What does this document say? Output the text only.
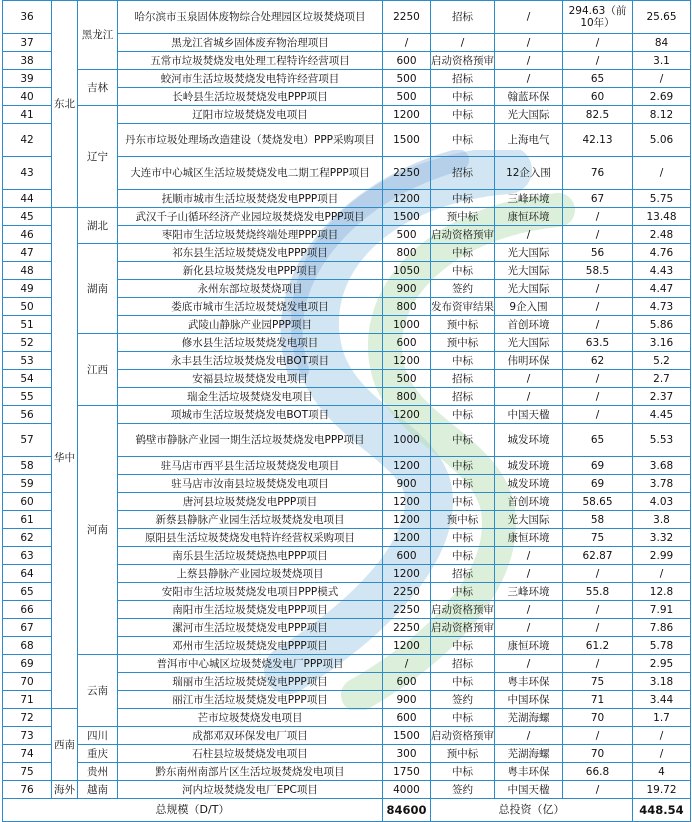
36	东北	黑龙江	哈尔滨市玉泉固体废物综合处理园区垃圾焚烧项目	2250	招标	/	294.63（前10年）	25.65
37			黑龙江省城乡固体废弃物治理项目	/	/	/	/	84
38			五常市垃圾焚烧发电处理工程特许经营项目	600	启动资格预审	/	/	3.1
39		吉林	蛟河市生活垃圾焚烧发电特许经营项目	500	招标	/	65	/
40			长岭县生活垃圾焚烧发电PPP项目	500	中标	翰蓝环保	60	2.69
41		辽宁	辽阳市垃圾焚烧发电项目	1200	中标	光大国际	82.5	8.12
42			丹东市垃圾处理场改造建设（焚烧发电）PPP采购项目	1500	中标	上海电气	42.13	5.06
43			大连市中心城区生活垃圾焚烧发电二期工程PPP项目	2250	招标	12企入围	76	/
44			抚顺市城市生活垃圾焚烧发电PPP项目	1200	中标	三峰环境	67	5.75
45	华中	湖北	武汉千子山循环经济产业园垃圾焚烧发电PPP项目	1500	预中标	康恒环境	/	13.48
46			枣阳市生活垃圾焚烧终端处理PPP项目	500	启动资格预审	/	/	2.48
47		湖南	祁东县生活垃圾焚烧发电PPP项目	800	中标	光大国际	56	4.76
48			新化县垃圾焚烧发电PPP项目	1050	中标	光大国际	58.5	4.43
49			永州东部垃圾焚烧项目	900	签约	光大国际	/	4.47
50			娄底市城市生活垃圾焚烧发电项目	800	发布资审结果	9企入围	/	4.73
51			武陵山静脉产业园PPP项目	1000	预中标	首创环境	/	5.86
52		江西	修水县生活垃圾焚烧发电项目	600	预中标	光大国际	63.5	3.16
53			永丰县生活垃圾焚烧发电BOT项目	1200	中标	伟明环保	62	5.2
54			安福县垃圾焚烧发电项目	500	招标	/	/	2.7
55			瑞金生活垃圾焚烧发电项目	800	招标	/	/	2.37
56		河南	项城市生活垃圾焚烧发电BOT项目	1200	中标	中国天楹	/	4.45
57			鹤壁市静脉产业园一期生活垃圾焚烧发电PPP项目	1000	中标	城发环境	65	5.53
58			驻马店市西平县生活垃圾焚烧发电项目	1200	中标	城发环境	69	3.68
59			驻马店市汝南县垃圾焚烧发电项目	900	中标	城发环境	69	3.78
60			唐河县垃圾焚烧发电PPP项目	1200	中标	首创环境	58.65	4.03
61			新蔡县静脉产业园生活垃圾焚烧发电项目	1200	预中标	光大国际	58	3.8
62			原阳县生活垃圾焚烧发电特许经营权采购项目	1200	中标	康恒环境	75	3.32
63			南乐县生活垃圾焚烧热电PPP项目	600	中标	/	62.87	2.99
64			上蔡县静脉产业园垃圾焚烧项目	1200	招标	/	/	/
65			安阳市生活垃圾焚烧发电项目PPP模式	2250	中标	三峰环境	55.8	12.8
66			南阳市生活垃圾焚烧发电PPP项目	2250	启动资格预审	/	/	7.91
67			漯河市生活垃圾焚烧发电PPP项目	2250	启动资格预审	/	/	7.86
68			邓州市生活垃圾焚烧发电PPP项目	1200	中标	康恒环境	61.2	5.78
69		云南	普洱市中心城区垃圾焚烧发电厂PPP项目	/	招标	/	/	2.95
70			瑞丽市生活垃圾焚烧发电PPP项目	600	中标	粤丰环保	75	3.18
71			丽江市生活垃圾焚烧发电PPP项目	900	签约	中国环保	71	3.44
72	西南		芒市垃圾焚烧发电项目	600	中标	芜湖海螺	70	1.7
73		四川	成都邓双环保发电厂项目	1500	启动资格预审	/	/	/
74		重庆	石柱县垃圾焚烧发电项目	300	预中标	芜湖海螺	70	/
75		贵州	黔东南州南部片区生活垃圾焚烧发电项目	1750	中标	粤丰环保	66.8	4
76	海外	越南	河内垃圾焚烧发电厂EPC项目	4000	签约	中国天楹	/	19.72
总规模（D/T）				84600	总投资（亿）			448.54
